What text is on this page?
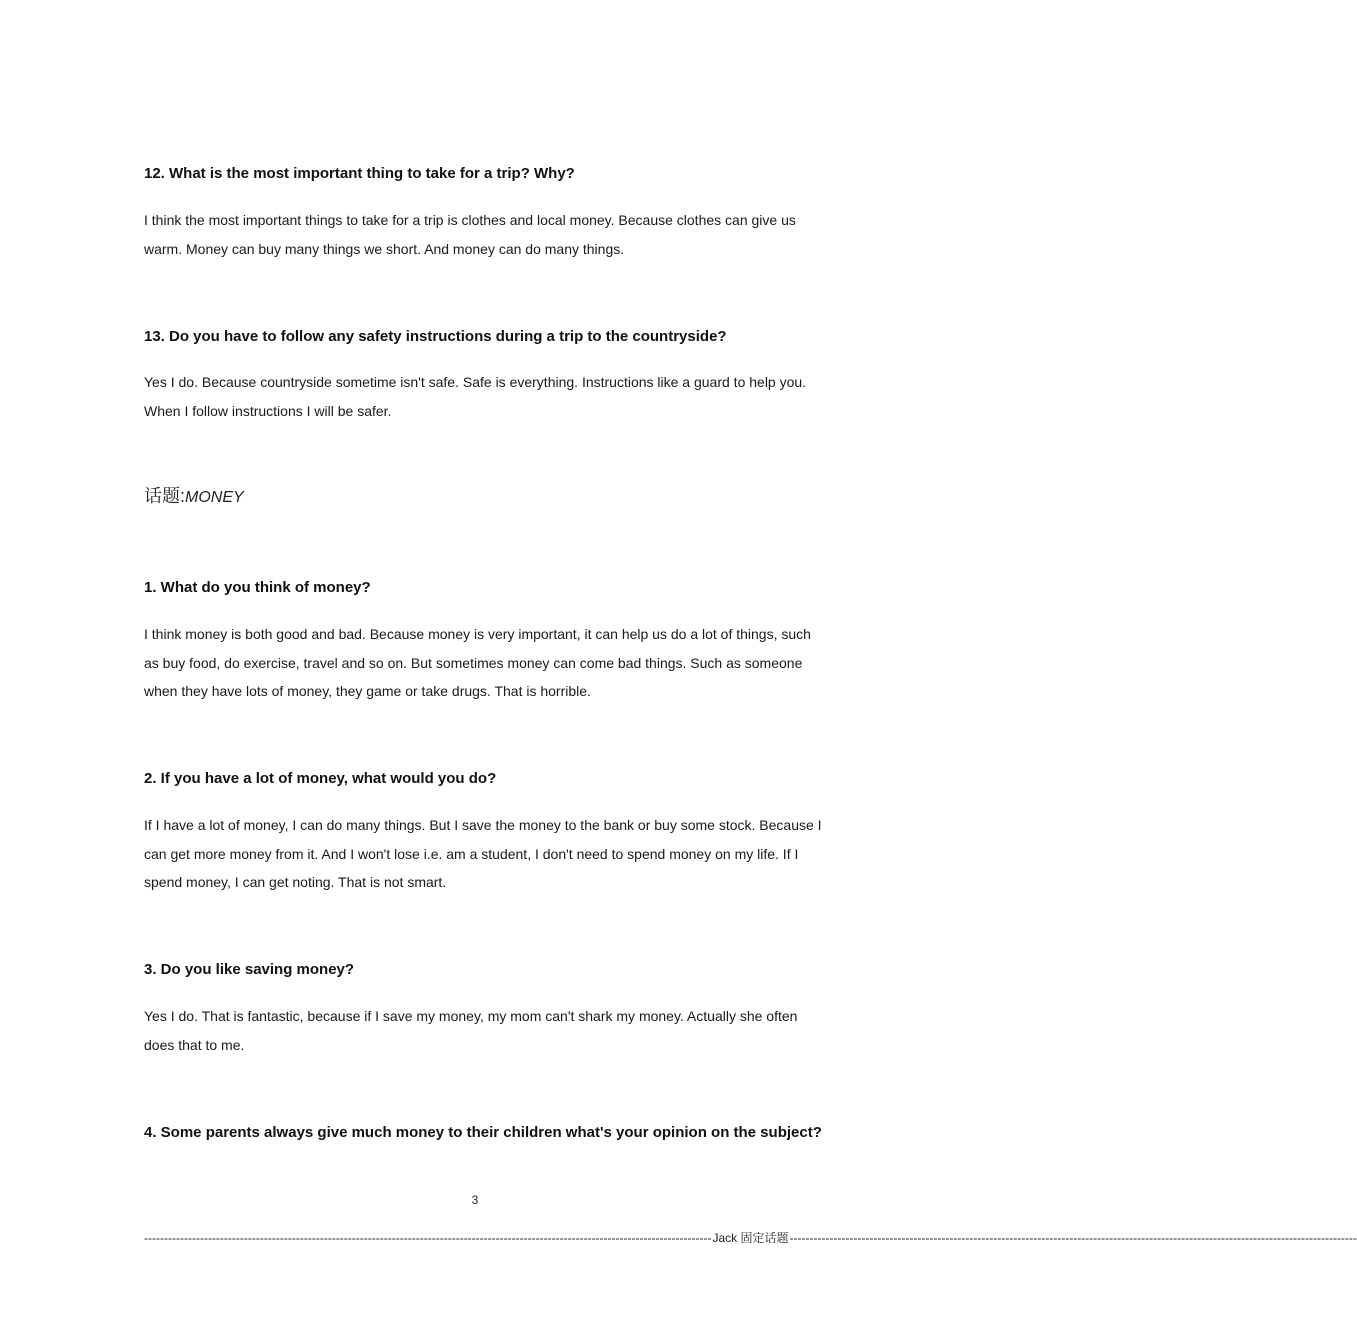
12. What is the most important thing to take for a trip? Why?
I think the most important things to take for a trip is clothes and local money. Because clothes can give us warm. Money can buy many things we short. And money can do many things.
13. Do you have to follow any safety instructions during a trip to the countryside?
Yes I do. Because countryside sometime isn't safe. Safe is everything. Instructions like a guard to help you. When I follow instructions I will be safer.
话题:MONEY
1. What do you think of money?
I think money is both good and bad. Because money is very important, it can help us do a lot of things, such as buy food, do exercise, travel and so on. But sometimes money can come bad things. Such as someone when they have lots of money, they game or take drugs. That is horrible.
2. If you have a lot of money, what would you do?
If I have a lot of money, I can do many things. But I save the money to the bank or buy some stock. Because I can get more money from it. And I won't lose i.e. am a student, I don't need to spend money on my life. If I spend money, I can get noting. That is not smart.
3. Do you like saving money?
Yes I do. That is fantastic, because if I save my money, my mom can't shark my money. Actually she often does that to me.
4. Some parents always give much money to their children what's your opinion on the subject?
3
---------------------------------------------------------------------------------------------------------------------------------------------- Jack 固定话题 ----------------------------------------------------------------------------------------------------------------------------------------------
